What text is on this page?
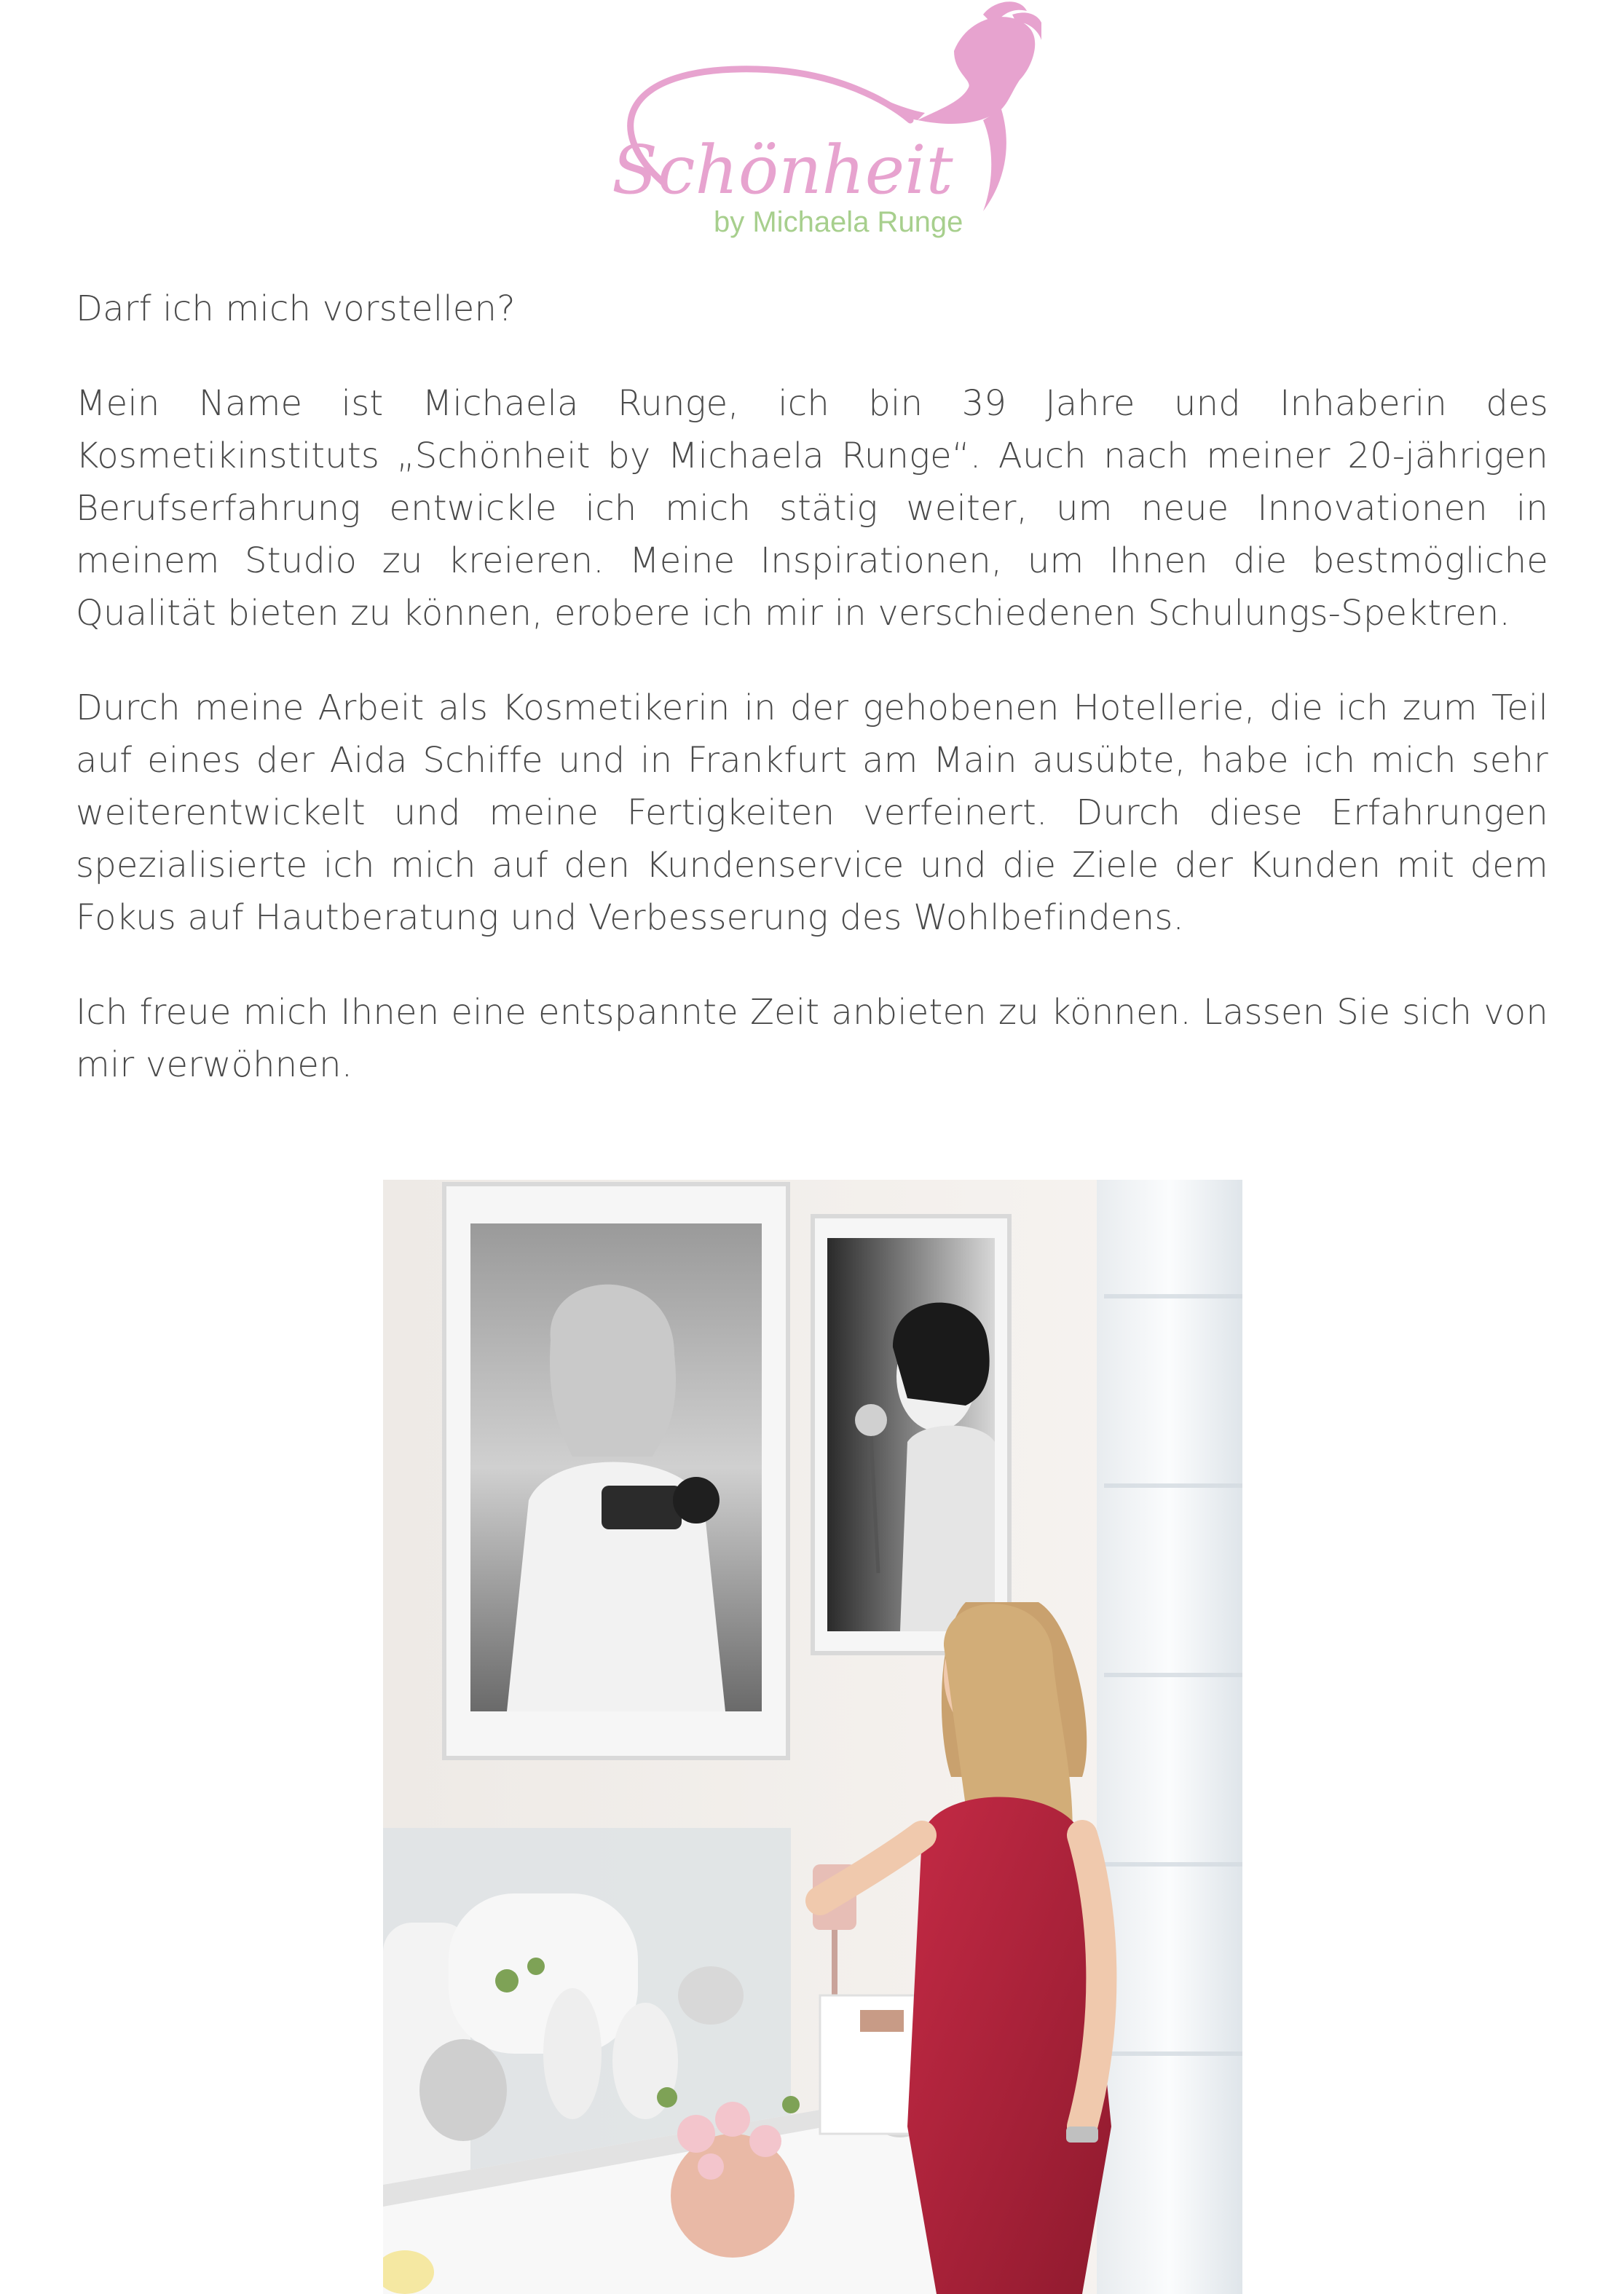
Schönheit
by Michaela Runge

Darf ich mich vorstellen?

Mein Name ist Michaela Runge, ich bin 39 Jahre und Inhaberin des Kosmetikinstituts „Schönheit by Michaela Runge“. Auch nach meiner 20-jährigen Berufserfahrung entwickle ich mich stätig weiter, um neue Innovationen in meinem Studio zu kreieren. Meine Inspirationen, um Ihnen die bestmögliche Qualität bieten zu können, erobere ich mir in verschiedenen Schulungs-Spektren.

Durch meine Arbeit als Kosmetikerin in der gehobenen Hotellerie, die ich zum Teil auf eines der Aida Schiffe und in Frankfurt am Main ausübte, habe ich mich sehr weiterentwickelt und meine Fertigkeiten verfeinert. Durch diese Erfahrungen spezialisierte ich mich auf den Kundenservice und die Ziele der Kunden mit dem Fokus auf Hautberatung und Verbesserung des Wohlbefindens.

Ich freue mich Ihnen eine entspannte Zeit anbieten zu können. Lassen Sie sich von mir verwöhnen.
